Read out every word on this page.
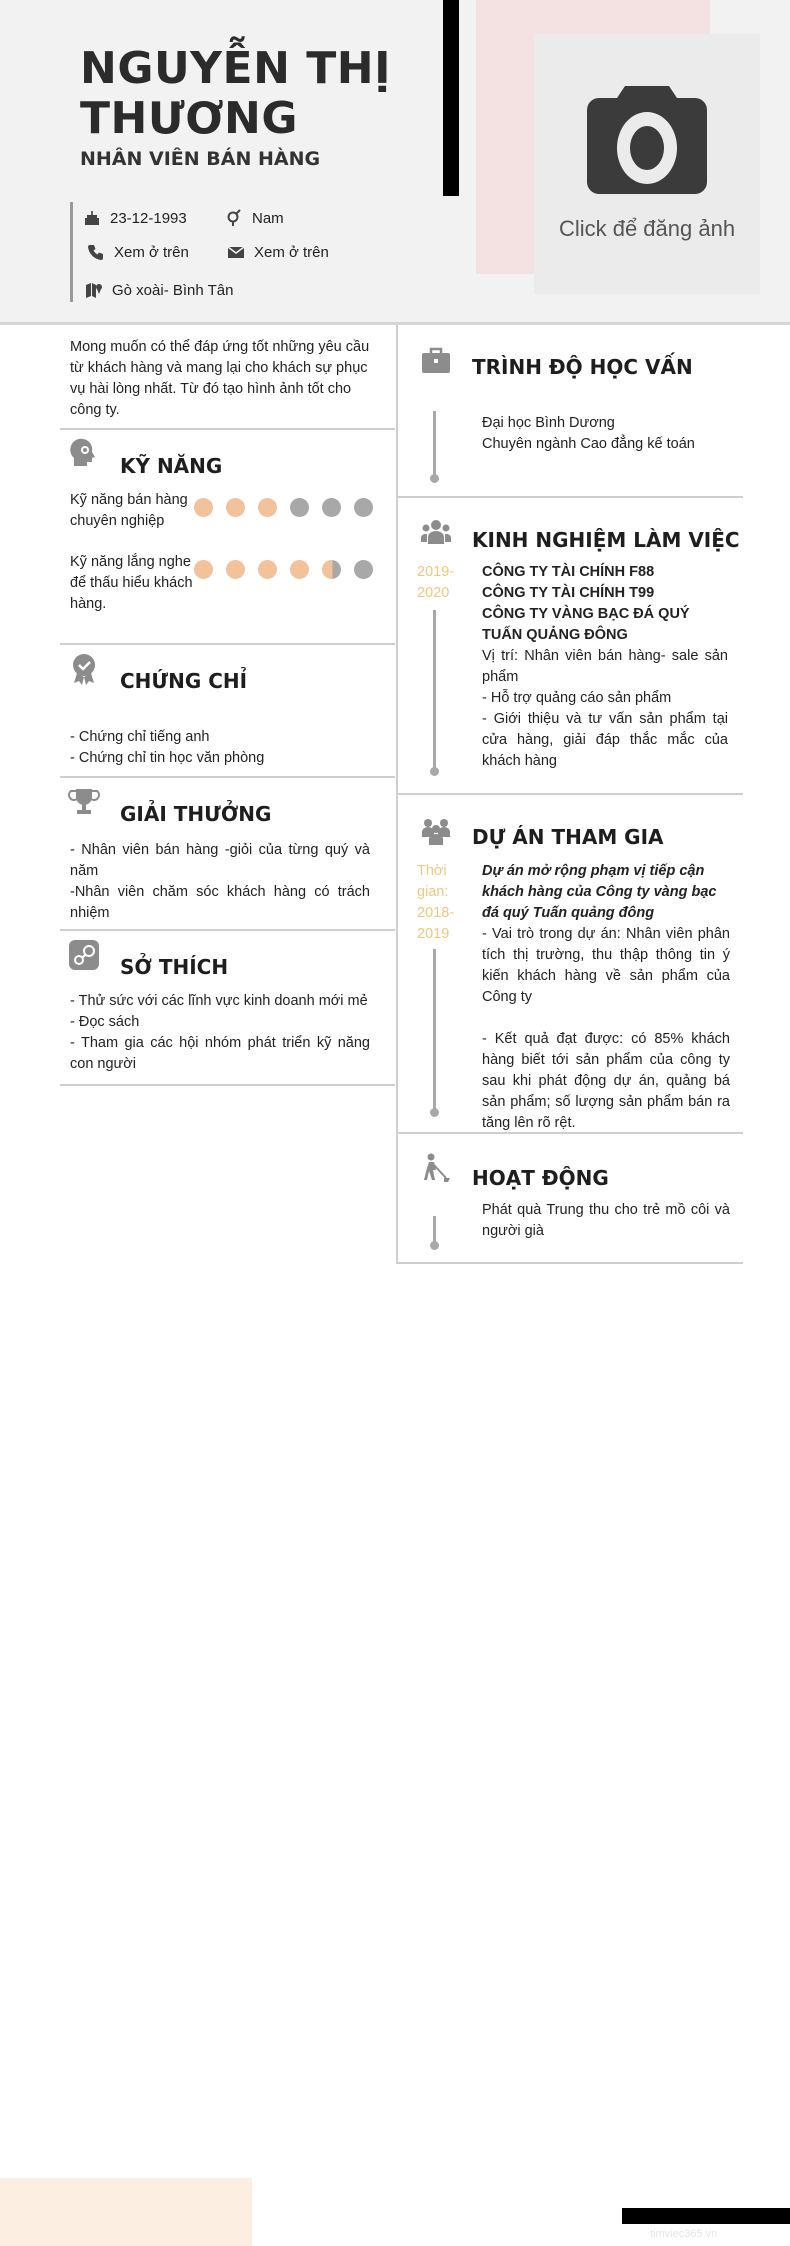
NGUYỄN THỊ
THƯƠNG
NHÂN VIÊN BÁN HÀNG
Click để đăng ảnh
23-12-1993	Nam
Xem ở trên	Xem ở trên
Gò xoài- Bình Tân
Mong muốn có thể đáp ứng tốt những yêu cầu từ khách hàng và mang lại cho khách sự phục vụ hài lòng nhất. Từ đó tạo hình ảnh tốt cho công ty.
KỸ NĂNG
Kỹ năng bán hàng chuyên nghiệp
Kỹ năng lắng nghe để thấu hiểu khách hàng.
CHỨNG CHỈ
- Chứng chỉ tiếng anh
- Chứng chỉ tin học văn phòng
GIẢI THƯỞNG
- Nhân viên bán hàng -giỏi của từng quý và năm
-Nhân viên chăm sóc khách hàng có trách nhiệm
SỞ THÍCH
- Thử sức với các lĩnh vực kinh doanh mới mẻ
- Đọc sách
- Tham gia các hội nhóm phát triển kỹ năng con người
TRÌNH ĐỘ HỌC VẤN
Đại học Bình Dương
Chuyên ngành Cao đẳng kế toán
KINH NGHIỆM LÀM VIỆC
2019-
2020
CÔNG TY TÀI CHÍNH F88
CÔNG TY TÀI CHÍNH T99
CÔNG TY VÀNG BẠC ĐÁ QUÝ TUẤN QUẢNG ĐÔNG
Vị trí: Nhân viên bán hàng- sale sản phẩm
- Hỗ trợ quảng cáo sản phẩm
- Giới thiệu và tư vấn sản phẩm tại cửa hàng, giải đáp thắc mắc của khách hàng
DỰ ÁN THAM GIA
Thời
gian:
2018-
2019
Dự án mở rộng phạm vị tiếp cận khách hàng của Công ty vàng bạc đá quý Tuấn quảng đông
- Vai trò trong dự án: Nhân viên phân tích thị trường, thu thập thông tin ý kiến khách hàng về sản phẩm của Công ty
- Kết quả đạt được: có 85% khách hàng biết tới sản phẩm của công ty sau khi phát động dự án, quảng bá sản phẩm; số lượng sản phẩm bán ra tăng lên rõ rệt.
HOẠT ĐỘNG
Phát quà Trung thu cho trẻ mồ côi và người già
timviec365.vn
